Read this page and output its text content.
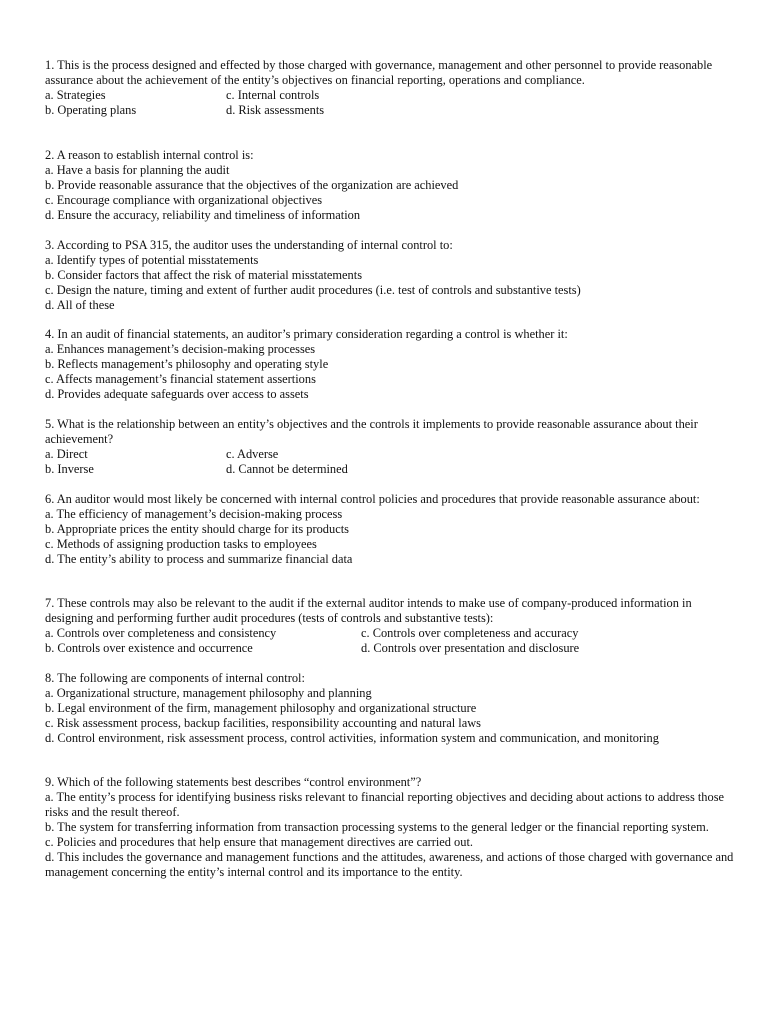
1. This is the process designed and effected by those charged with governance, management and other personnel to provide reasonable assurance about the achievement of the entity’s objectives on financial reporting, operations and compliance.
a. Strategies	c. Internal controls
b. Operating plans	d. Risk assessments
2. A reason to establish internal control is:
a. Have a basis for planning the audit
b. Provide reasonable assurance that the objectives of the organization are achieved
c. Encourage compliance with organizational objectives
d. Ensure the accuracy, reliability and timeliness of information
3. According to PSA 315, the auditor uses the understanding of internal control to:
a. Identify types of potential misstatements
b. Consider factors that affect the risk of material misstatements
c. Design the nature, timing and extent of further audit procedures (i.e. test of controls and substantive tests)
d. All of these
4. In an audit of financial statements, an auditor’s primary consideration regarding a control is whether it:
a. Enhances management’s decision-making processes
b. Reflects management’s philosophy and operating style
c. Affects management’s financial statement assertions
d. Provides adequate safeguards over access to assets
5. What is the relationship between an entity’s objectives and the controls it implements to provide reasonable assurance about their achievement?
a. Direct	c. Adverse
b. Inverse	d. Cannot be determined
6. An auditor would most likely be concerned with internal control policies and procedures that provide reasonable assurance about:
a. The efficiency of management’s decision-making process
b. Appropriate prices the entity should charge for its products
c. Methods of assigning production tasks to employees
d. The entity’s ability to process and summarize financial data
7. These controls may also be relevant to the audit if the external auditor intends to make use of company-produced information in designing and performing further audit procedures (tests of controls and substantive tests):
a. Controls over completeness and consistency	c. Controls over completeness and accuracy
b. Controls over existence and occurrence	d. Controls over presentation and disclosure
8. The following are components of internal control:
a. Organizational structure, management philosophy and planning
b. Legal environment of the firm, management philosophy and organizational structure
c. Risk assessment process, backup facilities, responsibility accounting and natural laws
d. Control environment, risk assessment process, control activities, information system and communication, and monitoring
9. Which of the following statements best describes “control environment”?
a. The entity’s process for identifying business risks relevant to financial reporting objectives and deciding about actions to address those risks and the result thereof.
b. The system for transferring information from transaction processing systems to the general ledger or the financial reporting system.
c. Policies and procedures that help ensure that management directives are carried out.
d. This includes the governance and management functions and the attitudes, awareness, and actions of those charged with governance and management concerning the entity’s internal control and its importance to the entity.
